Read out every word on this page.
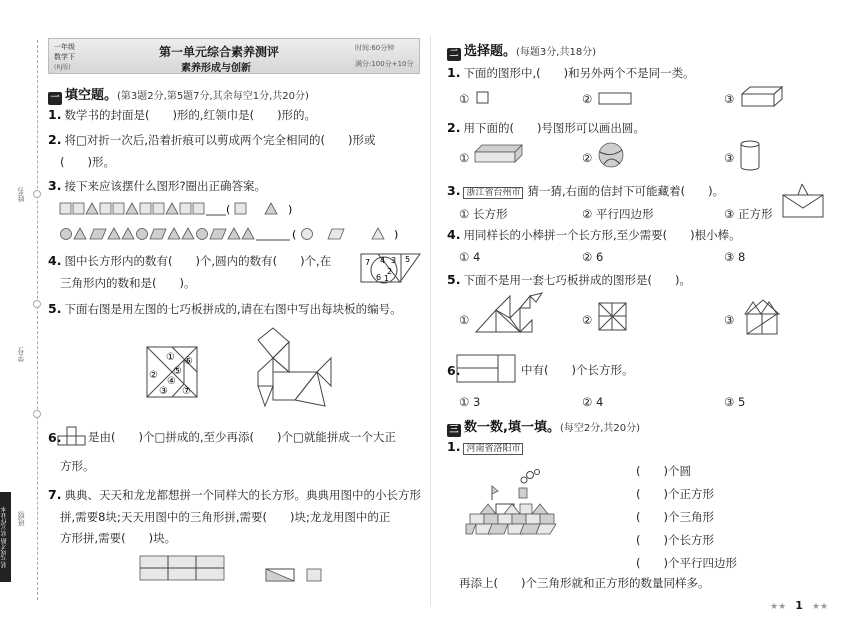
姓名:
学号:
班级:
状元成才路 状元作业本
一年级
数学下
(RJ版)
第一单元综合素养测评
素养形成与创新
时间:60分钟
满分:100分+10分
一 填空题。(第3题2分,第5题7分,其余每空1分,共20分)
1. 数学书的封面是(　　)形的,红领巾是(　　)形的。
2. 将□对折一次后,沿着折痕可以剪成两个完全相同的(　　)形或
(　　)形。
3. 接下来应该摆什么图形?圈出正确答案。
(	)
(	)
4. 图中长方形内的数有(　　)个,圆内的数有(　　)个,在
三角形内的数和是(　　)。
7 4 3 5
2
6 1
5. 下面右图是用左图的七巧板拼成的,请在右图中写出每块板的编号。
① ⑥
② ⑤
④
③ ⑦
6. 是由(　　)个□拼成的,至少再添(　　)个□就能拼成一个大正
方形。
7. 典典、天天和龙龙都想拼一个同样大的长方形。典典用图中的小长方形
拼,需要8块;天天用图中的三角形拼,需要(　　)块;龙龙用图中的正
方形拼,需要(　　)块。
二 选择题。(每题3分,共18分)
1. 下面的图形中,(　　)和另外两个不是同一类。
①	②	③
2. 用下面的(　　)号图形可以画出圆。
①	②	③
3. 浙江省台州市 猜一猜,右面的信封下可能藏着(　　)。
① 长方形	② 平行四边形	③ 正方形
4. 用同样长的小棒拼一个长方形,至少需要(　　)根小棒。
① 4	② 6	③ 8
5. 下面不是用一套七巧板拼成的图形是(　　)。
①	②	③
6.	中有(　　)个长方形。
① 3	② 4	③ 5
三 数一数,填一填。(每空2分,共20分)
1. 河南省洛阳市
(　　)个圆
(　　)个正方形
(　　)个三角形
(　　)个长方形
(　　)个平行四边形
再添上(　　)个三角形就和正方形的数量同样多。
★★ 1 ★★
